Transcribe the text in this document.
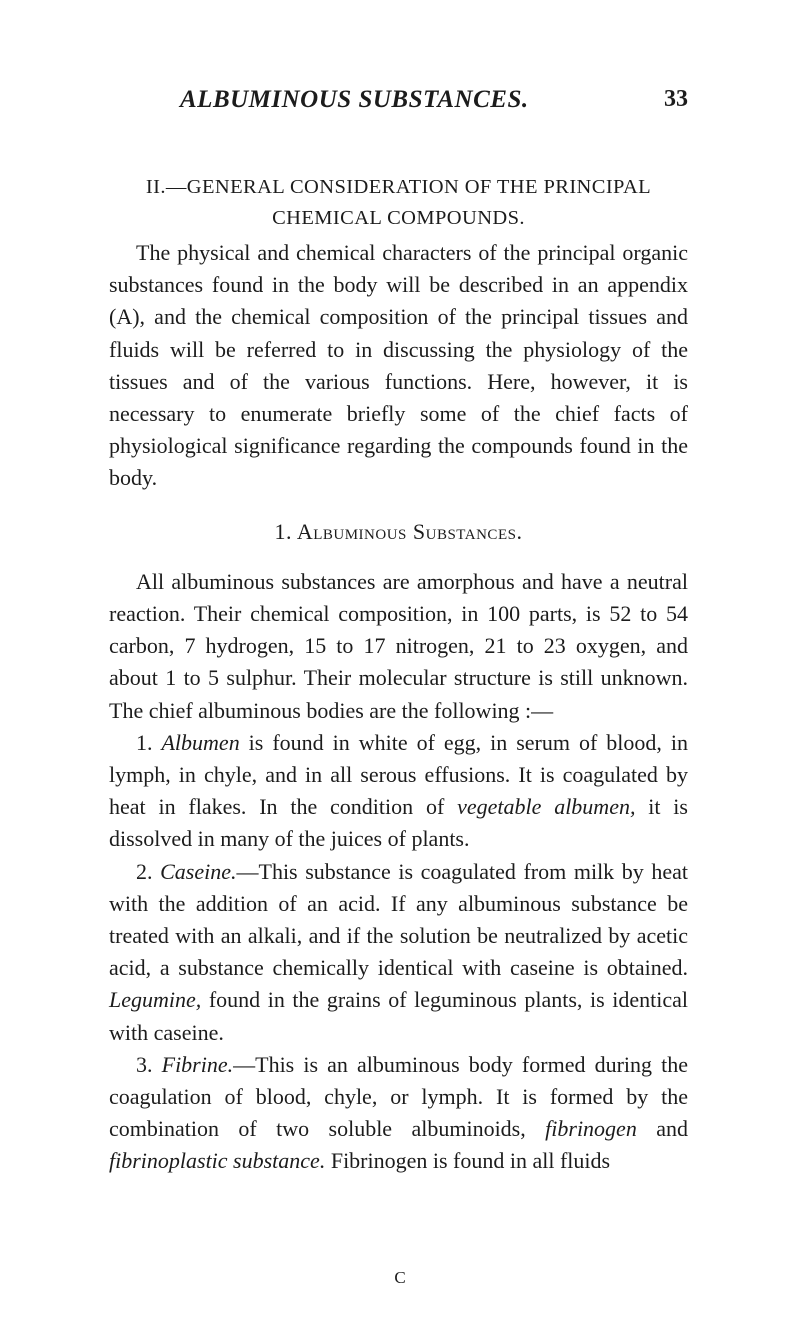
ALBUMINOUS SUBSTANCES.	33
II.—GENERAL CONSIDERATION OF THE PRINCIPAL
CHEMICAL COMPOUNDS.

The physical and chemical characters of the principal organic substances found in the body will be described in an appendix (A), and the chemical composition of the principal tissues and fluids will be referred to in discussing the physiology of the tissues and of the various functions. Here, however, it is necessary to enumerate briefly some of the chief facts of physiological significance regarding the compounds found in the body.

1. Albuminous Substances.

All albuminous substances are amorphous and have a neutral reaction. Their chemical composition, in 100 parts, is 52 to 54 carbon, 7 hydrogen, 15 to 17 nitrogen, 21 to 23 oxygen, and about 1 to 5 sulphur. Their molecular structure is still unknown. The chief albuminous bodies are the following :—

1. Albumen is found in white of egg, in serum of blood, in lymph, in chyle, and in all serous effusions. It is coagulated by heat in flakes. In the condition of vegetable albumen, it is dissolved in many of the juices of plants.

2. Caseine.—This substance is coagulated from milk by heat with the addition of an acid. If any albuminous substance be treated with an alkali, and if the solution be neutralized by acetic acid, a substance chemically identical with caseine is obtained. Legumine, found in the grains of leguminous plants, is identical with caseine.

3. Fibrine.—This is an albuminous body formed during the coagulation of blood, chyle, or lymph. It is formed by the combination of two soluble albuminoids, fibrinogen and fibrinoplastic substance. Fibrinogen is found in all fluids

C
